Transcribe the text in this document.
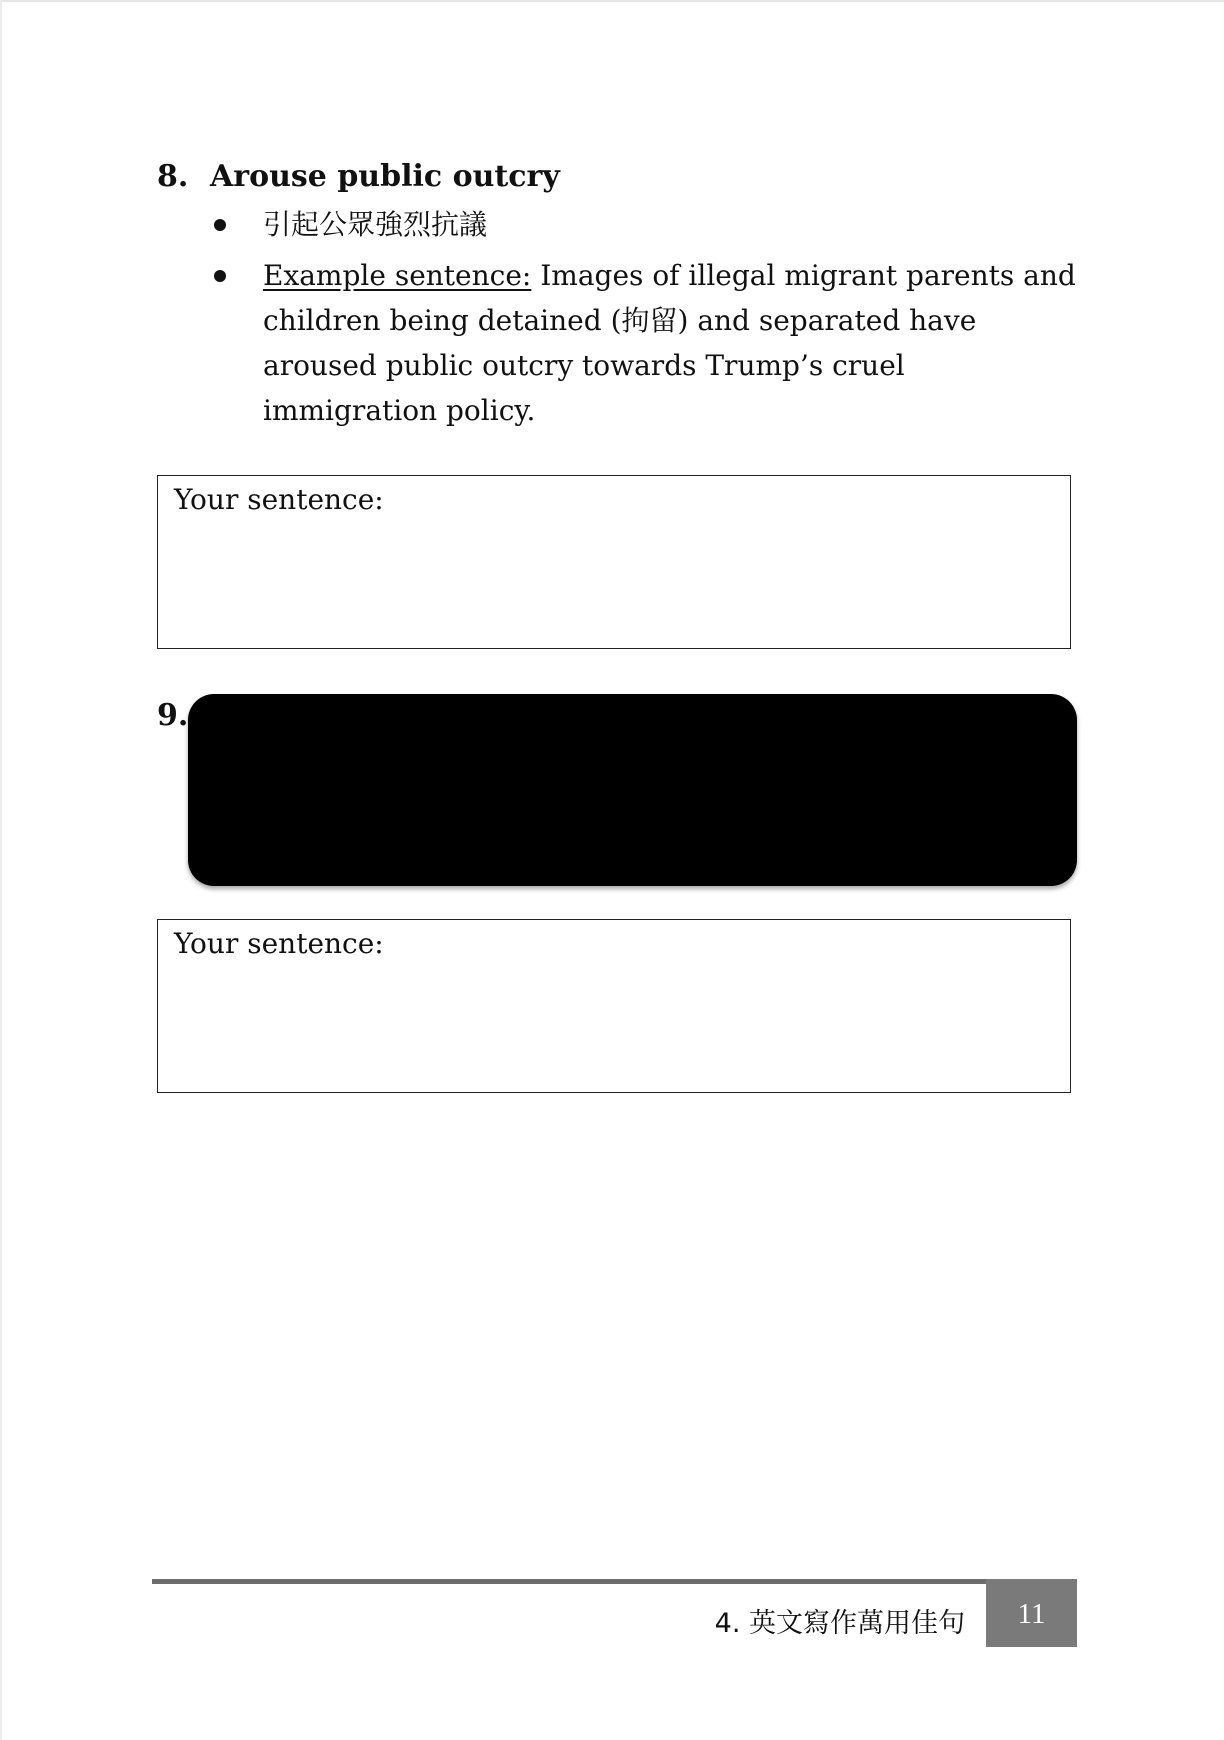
8. Arouse public outcry
引起公眾強烈抗議
Example sentence: Images of illegal migrant parents and children being detained (拘留) and separated have aroused public outcry towards Trump’s cruel immigration policy.
Your sentence:
9.
Your sentence:
4. 英文寫作萬用佳句	11
